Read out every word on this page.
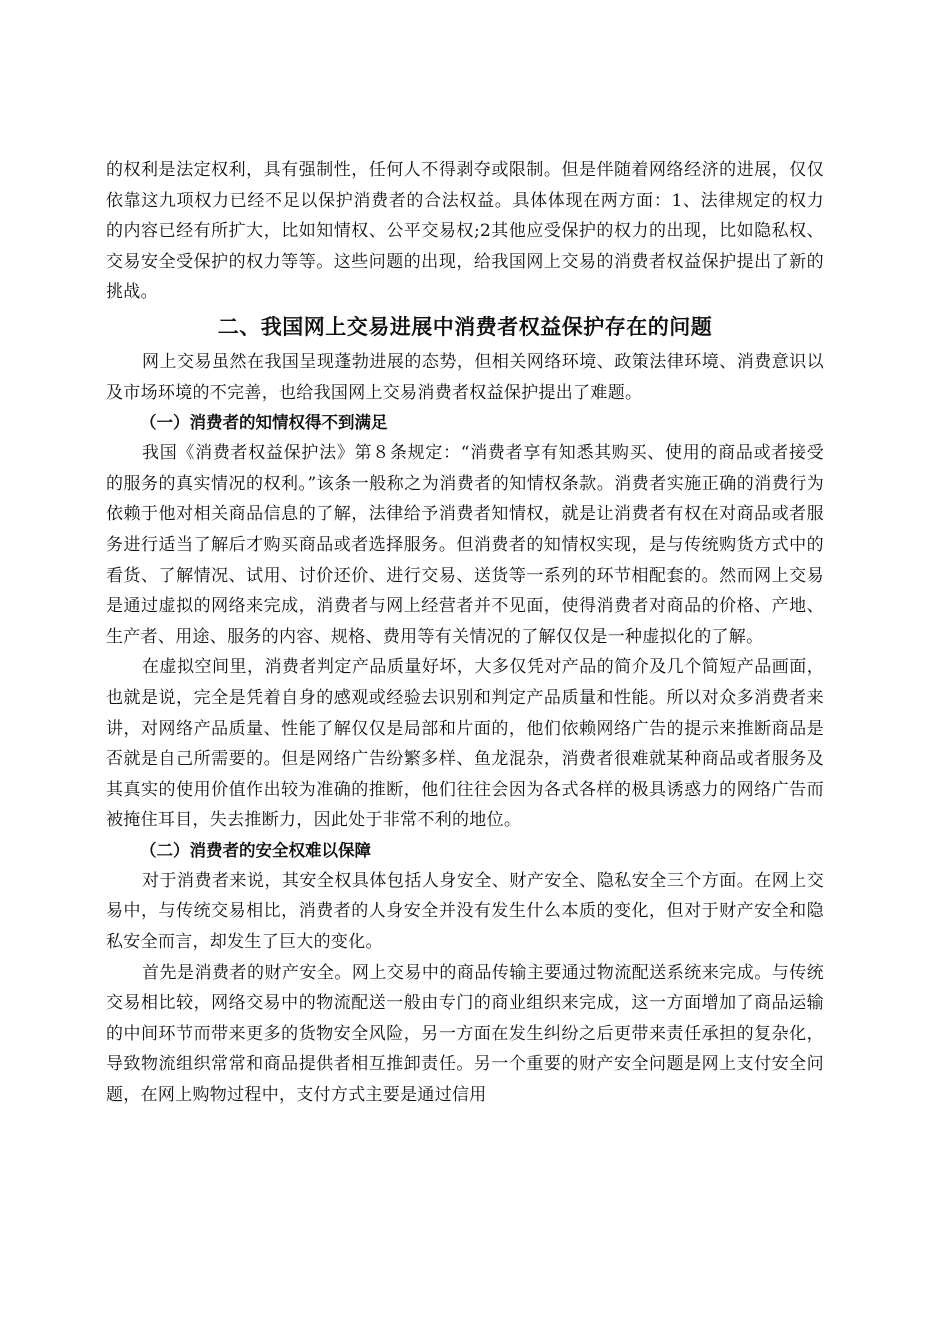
的权利是法定权利，具有强制性，任何人不得剥夺或限制。但是伴随着网络经济的进展，仅仅依靠这九项权力已经不足以保护消费者的合法权益。具体体现在两方面：1、法律规定的权力的内容已经有所扩大，比如知情权、公平交易权;2其他应受保护的权力的出现，比如隐私权、交易安全受保护的权力等等。这些问题的出现，给我国网上交易的消费者权益保护提出了新的挑战。

二、我国网上交易进展中消费者权益保护存在的问题

网上交易虽然在我国呈现蓬勃进展的态势，但相关网络环境、政策法律环境、消费意识以及市场环境的不完善，也给我国网上交易消费者权益保护提出了难题。

（一）消费者的知情权得不到满足

我国《消费者权益保护法》第８条规定：“消费者享有知悉其购买、使用的商品或者接受的服务的真实情况的权利。”该条一般称之为消费者的知情权条款。消费者实施正确的消费行为依赖于他对相关商品信息的了解，法律给予消费者知情权，就是让消费者有权在对商品或者服务进行适当了解后才购买商品或者选择服务。但消费者的知情权实现，是与传统购货方式中的看货、了解情况、试用、讨价还价、进行交易、送货等一系列的环节相配套的。然而网上交易是通过虚拟的网络来完成，消费者与网上经营者并不见面，使得消费者对商品的价格、产地、生产者、用途、服务的内容、规格、费用等有关情况的了解仅仅是一种虚拟化的了解。

在虚拟空间里，消费者判定产品质量好坏，大多仅凭对产品的简介及几个简短产品画面，也就是说，完全是凭着自身的感观或经验去识别和判定产品质量和性能。所以对众多消费者来讲，对网络产品质量、性能了解仅仅是局部和片面的，他们依赖网络广告的提示来推断商品是否就是自己所需要的。但是网络广告纷繁多样、鱼龙混杂，消费者很难就某种商品或者服务及其真实的使用价值作出较为准确的推断，他们往往会因为各式各样的极具诱惑力的网络广告而被掩住耳目，失去推断力，因此处于非常不利的地位。

（二）消费者的安全权难以保障

对于消费者来说，其安全权具体包括人身安全、财产安全、隐私安全三个方面。在网上交易中，与传统交易相比，消费者的人身安全并没有发生什么本质的变化，但对于财产安全和隐私安全而言，却发生了巨大的变化。

首先是消费者的财产安全。网上交易中的商品传输主要通过物流配送系统来完成。与传统交易相比较，网络交易中的物流配送一般由专门的商业组织来完成，这一方面增加了商品运输的中间环节而带来更多的货物安全风险，另一方面在发生纠纷之后更带来责任承担的复杂化，导致物流组织常常和商品提供者相互推卸责任。另一个重要的财产安全问题是网上支付安全问题，在网上购物过程中，支付方式主要是通过信用
